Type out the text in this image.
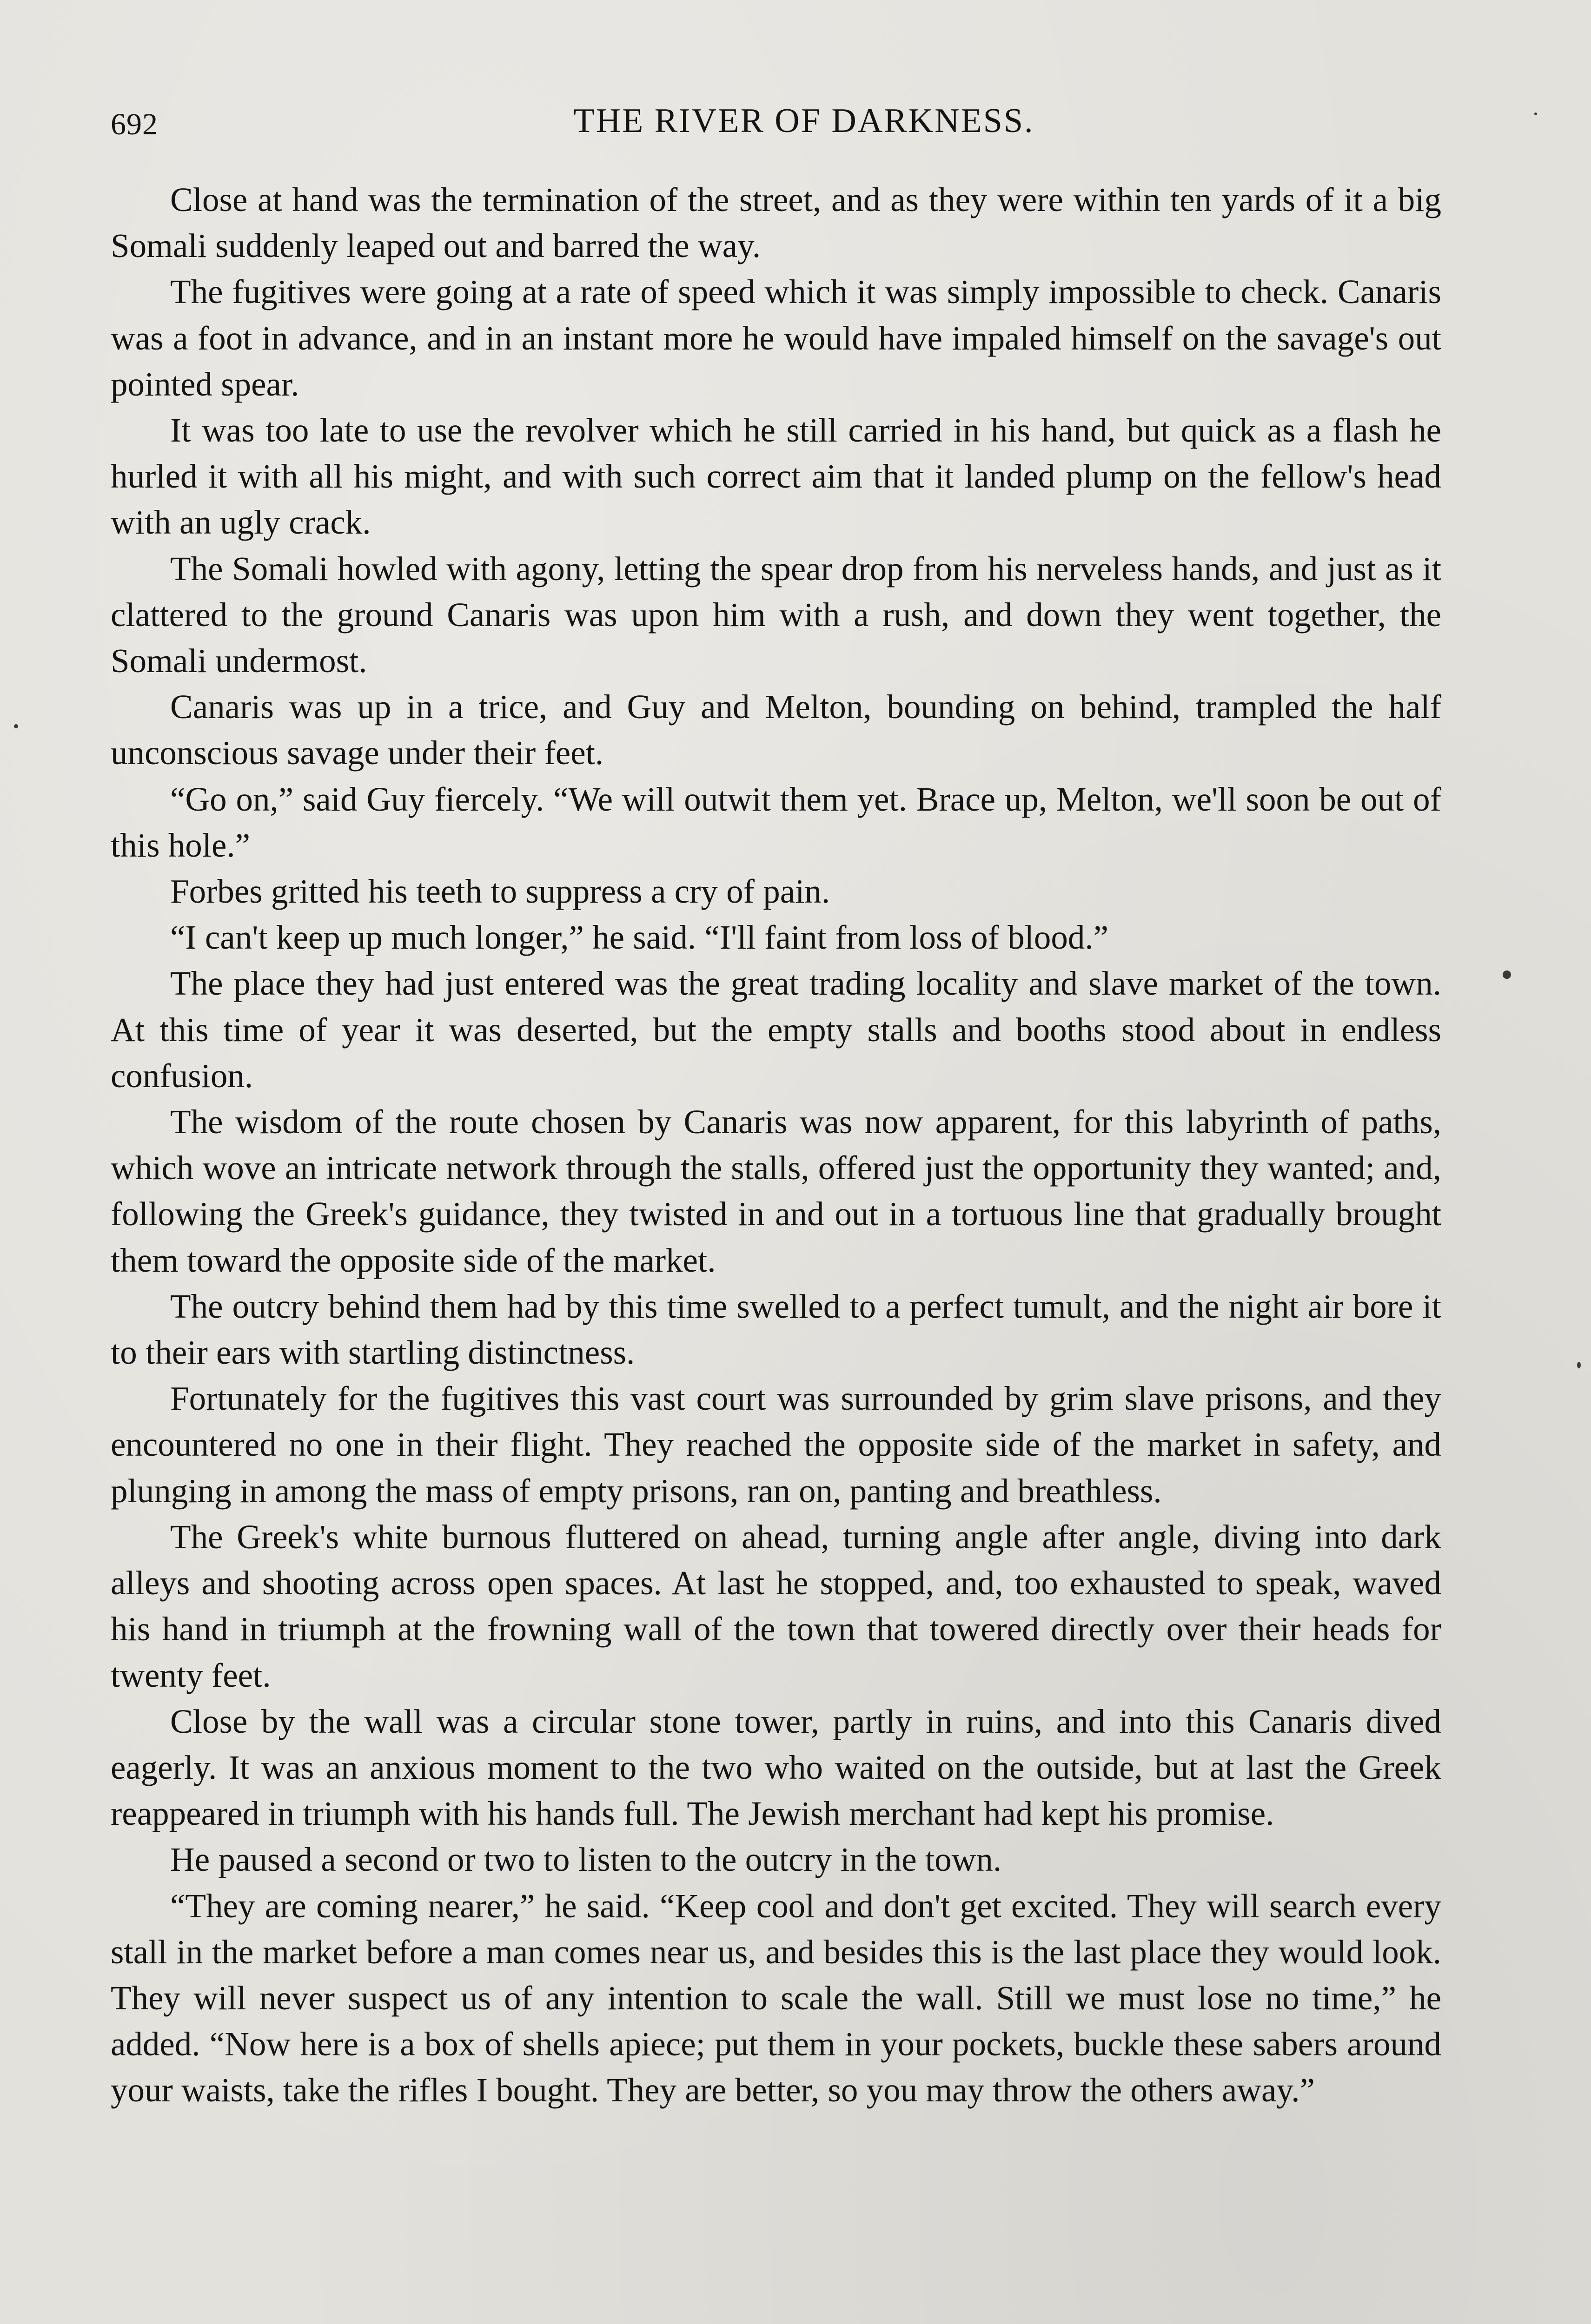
692	THE RIVER OF DARKNESS.

Close at hand was the termination of the street, and as they were within ten yards of it a big Somali suddenly leaped out and barred the way.

The fugitives were going at a rate of speed which it was simply impossible to check. Canaris was a foot in advance, and in an instant more he would have impaled himself on the savage's out pointed spear.

It was too late to use the revolver which he still carried in his hand, but quick as a flash he hurled it with all his might, and with such correct aim that it landed plump on the fellow's head with an ugly crack.

The Somali howled with agony, letting the spear drop from his nerveless hands, and just as it clattered to the ground Canaris was upon him with a rush, and down they went together, the Somali undermost.

Canaris was up in a trice, and Guy and Melton, bounding on behind, trampled the half unconscious savage under their feet.

“Go on,” said Guy fiercely. “We will outwit them yet. Brace up, Melton, we'll soon be out of this hole.”

Forbes gritted his teeth to suppress a cry of pain.

“I can't keep up much longer,” he said. “I'll faint from loss of blood.”

The place they had just entered was the great trading locality and slave market of the town. At this time of year it was deserted, but the empty stalls and booths stood about in endless confusion.

The wisdom of the route chosen by Canaris was now apparent, for this labyrinth of paths, which wove an intricate network through the stalls, offered just the opportunity they wanted; and, following the Greek's guidance, they twisted in and out in a tortuous line that gradually brought them toward the opposite side of the market.

The outcry behind them had by this time swelled to a perfect tumult, and the night air bore it to their ears with startling distinctness.

Fortunately for the fugitives this vast court was surrounded by grim slave prisons, and they encountered no one in their flight. They reached the opposite side of the market in safety, and plunging in among the mass of empty prisons, ran on, panting and breathless.

The Greek's white burnous fluttered on ahead, turning angle after angle, diving into dark alleys and shooting across open spaces. At last he stopped, and, too exhausted to speak, waved his hand in triumph at the frowning wall of the town that towered directly over their heads for twenty feet.

Close by the wall was a circular stone tower, partly in ruins, and into this Canaris dived eagerly. It was an anxious moment to the two who waited on the outside, but at last the Greek reappeared in triumph with his hands full. The Jewish merchant had kept his promise.

He paused a second or two to listen to the outcry in the town.

“They are coming nearer,” he said. “Keep cool and don't get excited. They will search every stall in the market before a man comes near us, and besides this is the last place they would look. They will never suspect us of any intention to scale the wall. Still we must lose no time,” he added. “Now here is a box of shells apiece; put them in your pockets, buckle these sabers around your waists, take the rifles I bought. They are better, so you may throw the others away.”
